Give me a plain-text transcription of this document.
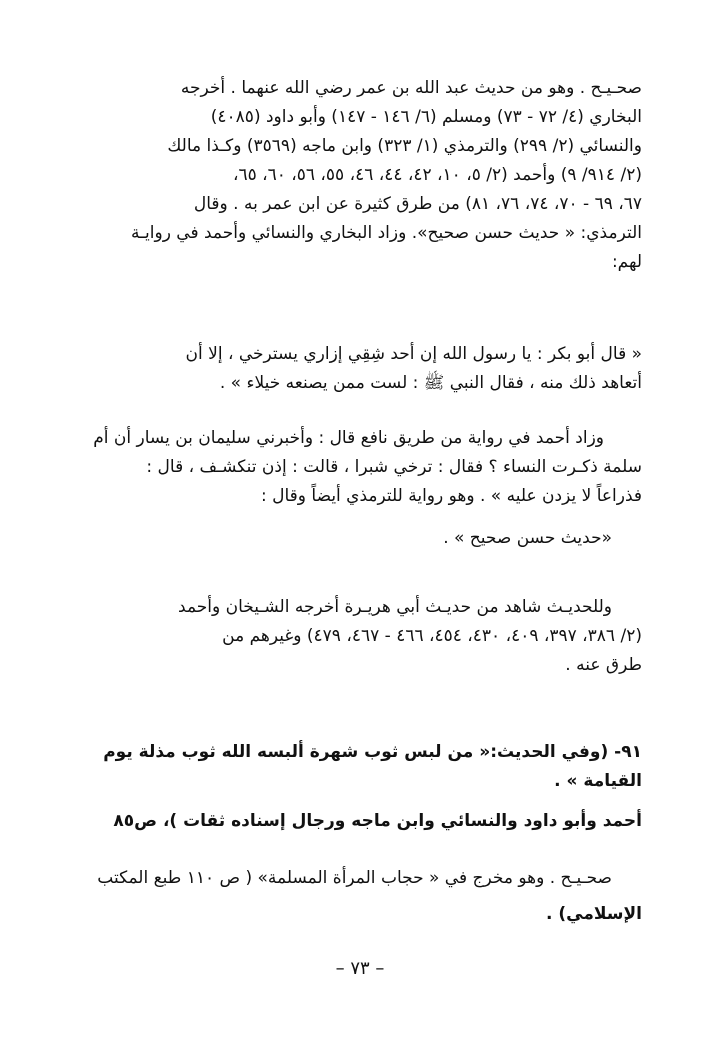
صحـيـح . وهو من حديث عبد الله بن عمر رضي الله عنهما . أخرجه
البخاري (٤/ ٧٢ - ٧٣) ومسلم (٦/ ١٤٦ - ١٤٧) وأبو داود (٤٠٨٥)
والنسائي (٢/ ٢٩٩) والترمذي (١/ ٣٢٣) وابن ماجه (٣٥٦٩) وكـذا مالك
(٢/ ٩١٤/ ٩) وأحمد (٢/ ٥، ١٠، ٤٢، ٤٤، ٤٦، ٥٥، ٥٦، ٦٠، ٦٥،
٦٧، ٦٩ - ٧٠، ٧٤، ٧٦، ٨١) من طرق كثيرة عن ابن عمر به . وقال
الترمذي: « حديث حسن صحيح». وزاد البخاري والنسائي وأحمد في روايـة
لهم:
« قال أبو بكر : يا رسول الله إن أحد شِقِي إزاري يسترخي ، إلا أن
أتعاهد ذلك منه ، فقال النبي ﷺ : لست ممن يصنعه خيلاء » .
وزاد أحمد في رواية من طريق نافع قال : وأخبرني سليمان بن يسار أن أم
سلمة ذكـرت النساء ؟ فقال : ترخي شبرا ، قالت : إذن تنكشـف ، قال :
فذراعاً لا يزدن عليه » . وهو رواية للترمذي أيضاً وقال :
«حديث حسن صحيح » .
وللحديـث شاهد من حديـث أبي هريـرة أخرجه الشـيخان وأحمد
(٢/ ٣٨٦، ٣٩٧، ٤٠٩، ٤٣٠، ٤٥٤، ٤٦٦ - ٤٦٧، ٤٧٩) وغيرهم من
طرق عنه .
٩١- (وفي الحديث:« من لبس ثوب شهرة ألبسه الله ثوب مذلة يوم
القيامة » .
أحمد وأبو داود والنسائي وابن ماجه ورجال إسناده ثقات )، ص٨٥
صحـيـح . وهو مخرج في « حجاب المرأة المسلمة» ( ص ١١٠ طبع المكتب
الإسلامي) .
– ٧٣ –
